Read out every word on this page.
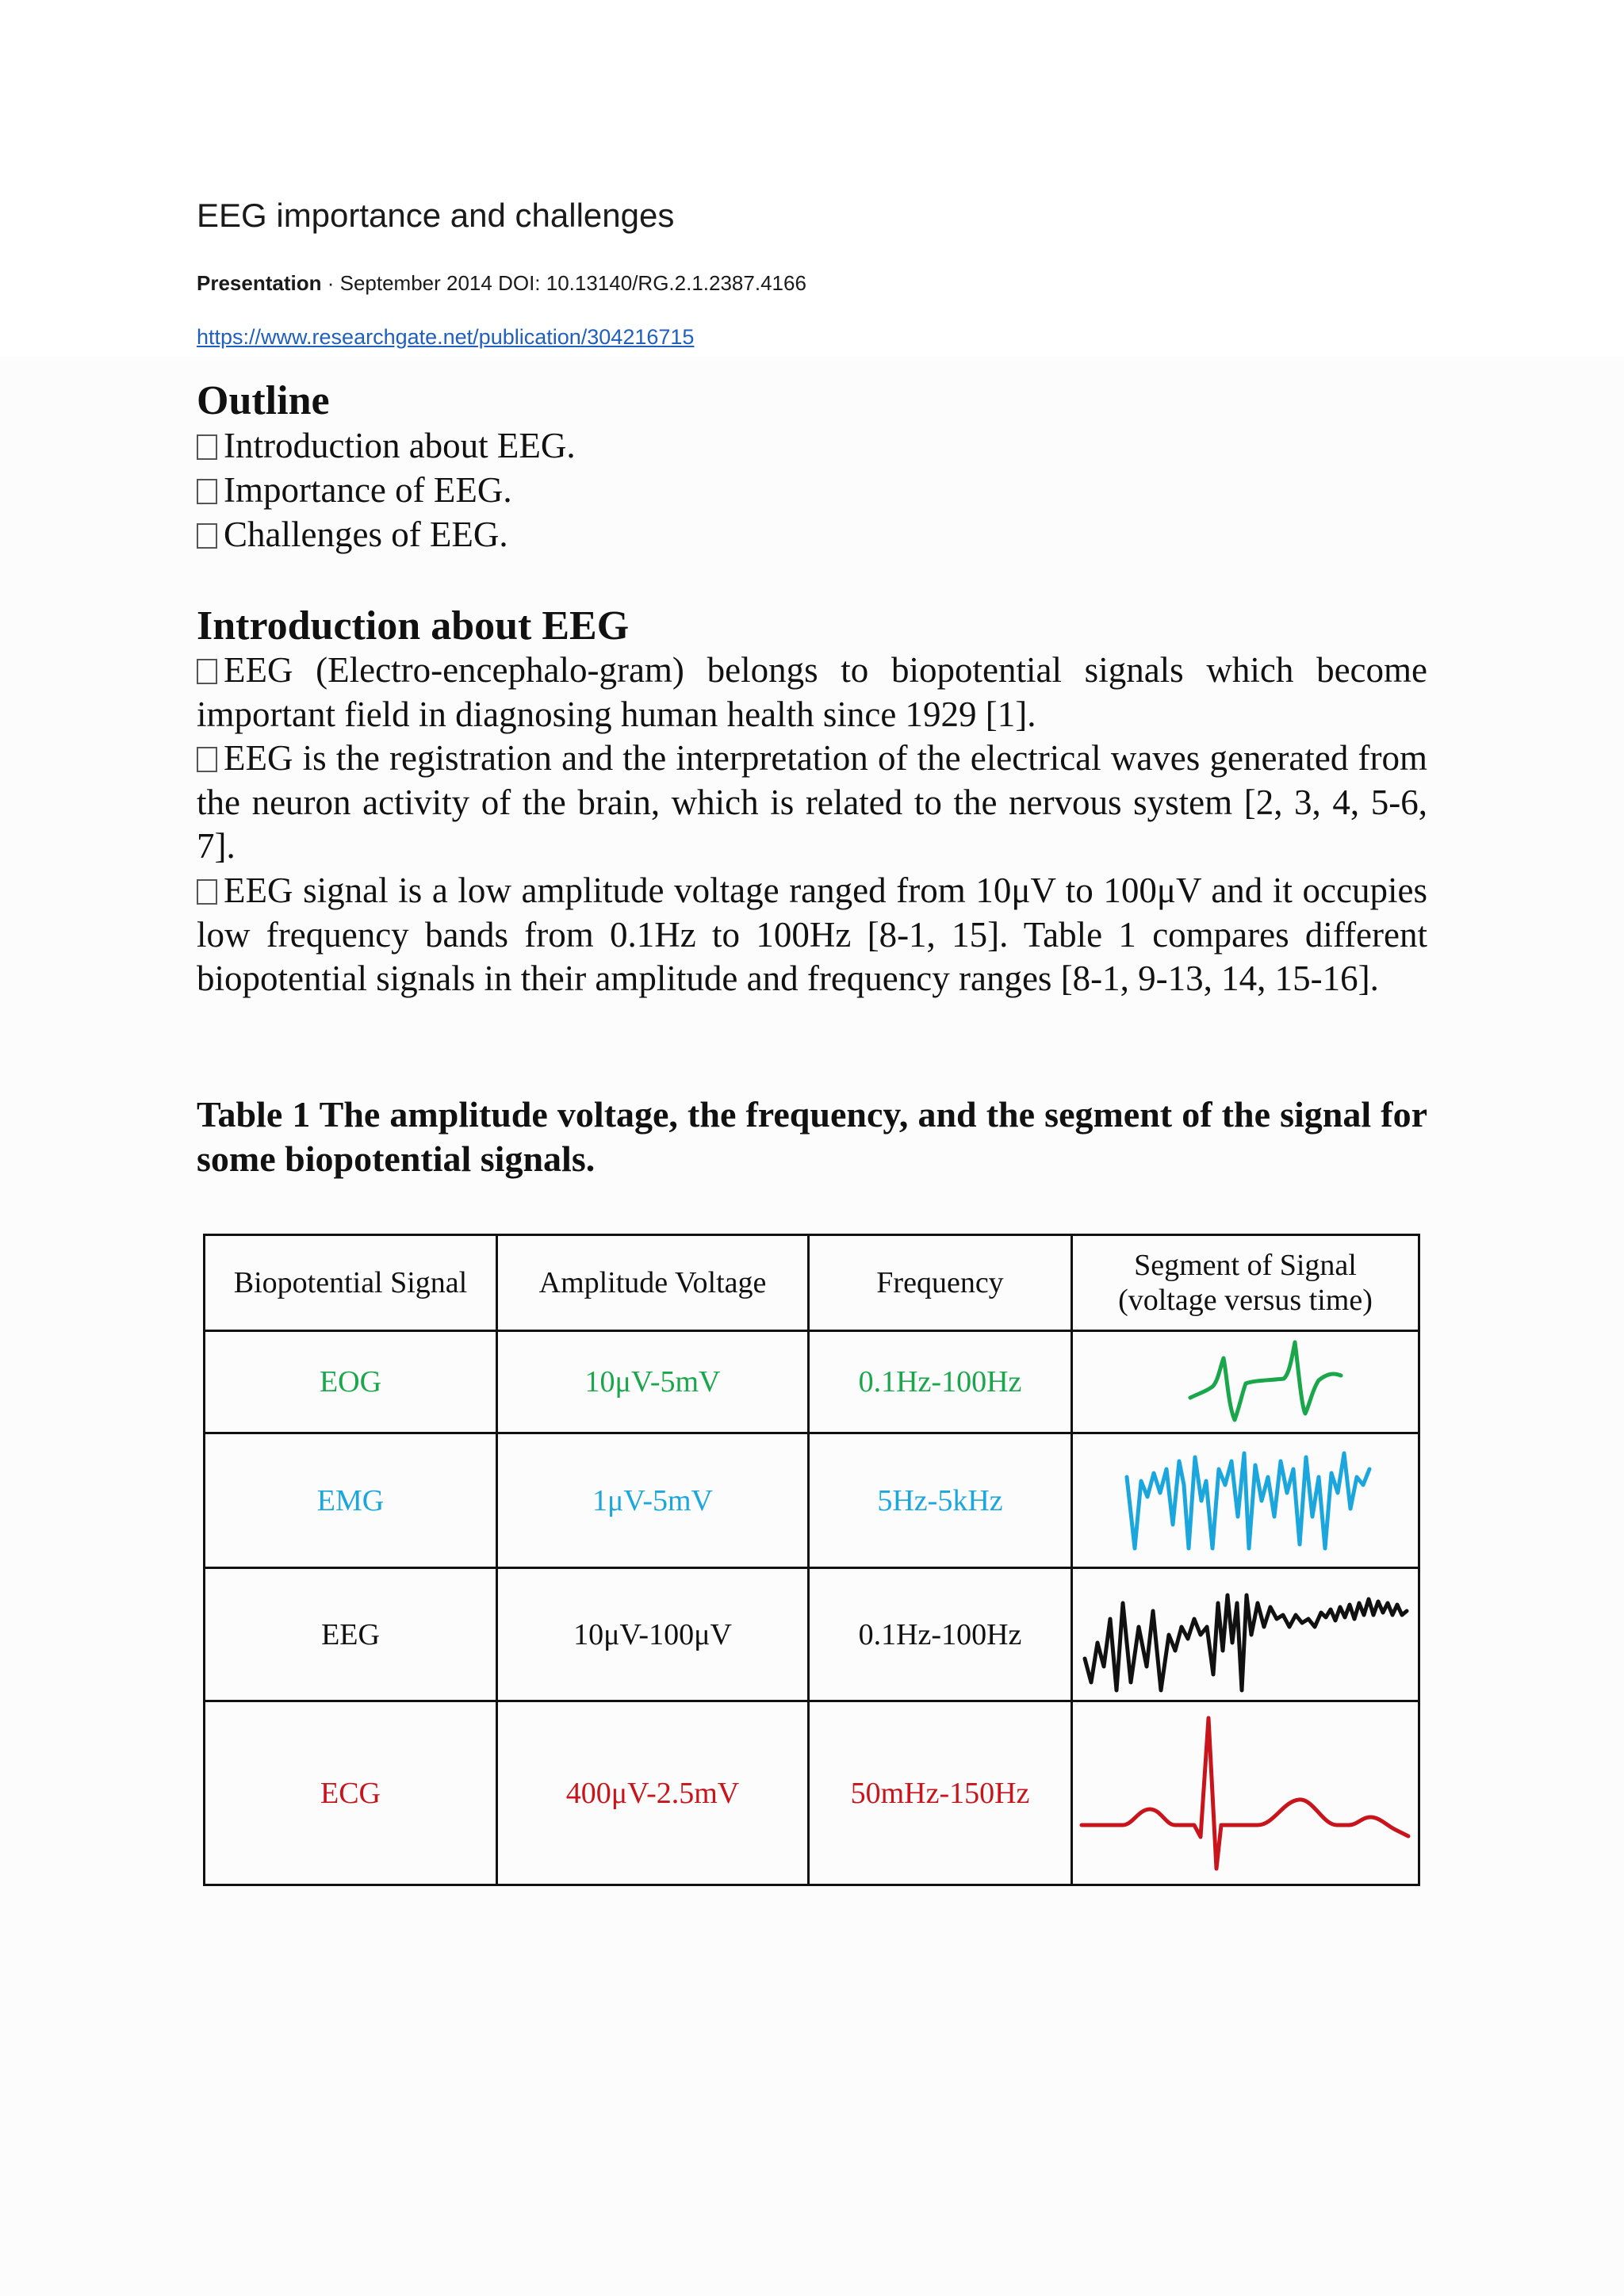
EEG importance and challenges
Presentation · September 2014 DOI: 10.13140/RG.2.1.2387.4166
https://www.researchgate.net/publication/304216715
Outline
Introduction about EEG.
Importance of EEG.
Challenges of EEG.
Introduction about EEG
EEG (Electro-encephalo-gram) belongs to biopotential signals which become important field in diagnosing human health since 1929 [1].
EEG is the registration and the interpretation of the electrical waves generated from the neuron activity of the brain, which is related to the nervous system [2, 3, 4, 5-6, 7].
EEG signal is a low amplitude voltage ranged from 10μV to 100μV and it occupies low frequency bands from 0.1Hz to 100Hz [8-1, 15]. Table 1 compares different biopotential signals in their amplitude and frequency ranges [8-1, 9-13, 14, 15-16].
Table 1 The amplitude voltage, the frequency, and the segment of the signal for some biopotential signals.
Biopotential Signal	Amplitude Voltage	Frequency	Segment of Signal
(voltage versus time)
EOG	10μV-5mV	0.1Hz-100Hz	

EMG	1μV-5mV	5Hz-5kHz	

EEG	10μV-100μV	0.1Hz-100Hz	

ECG	400μV-2.5mV	50mHz-150Hz	
